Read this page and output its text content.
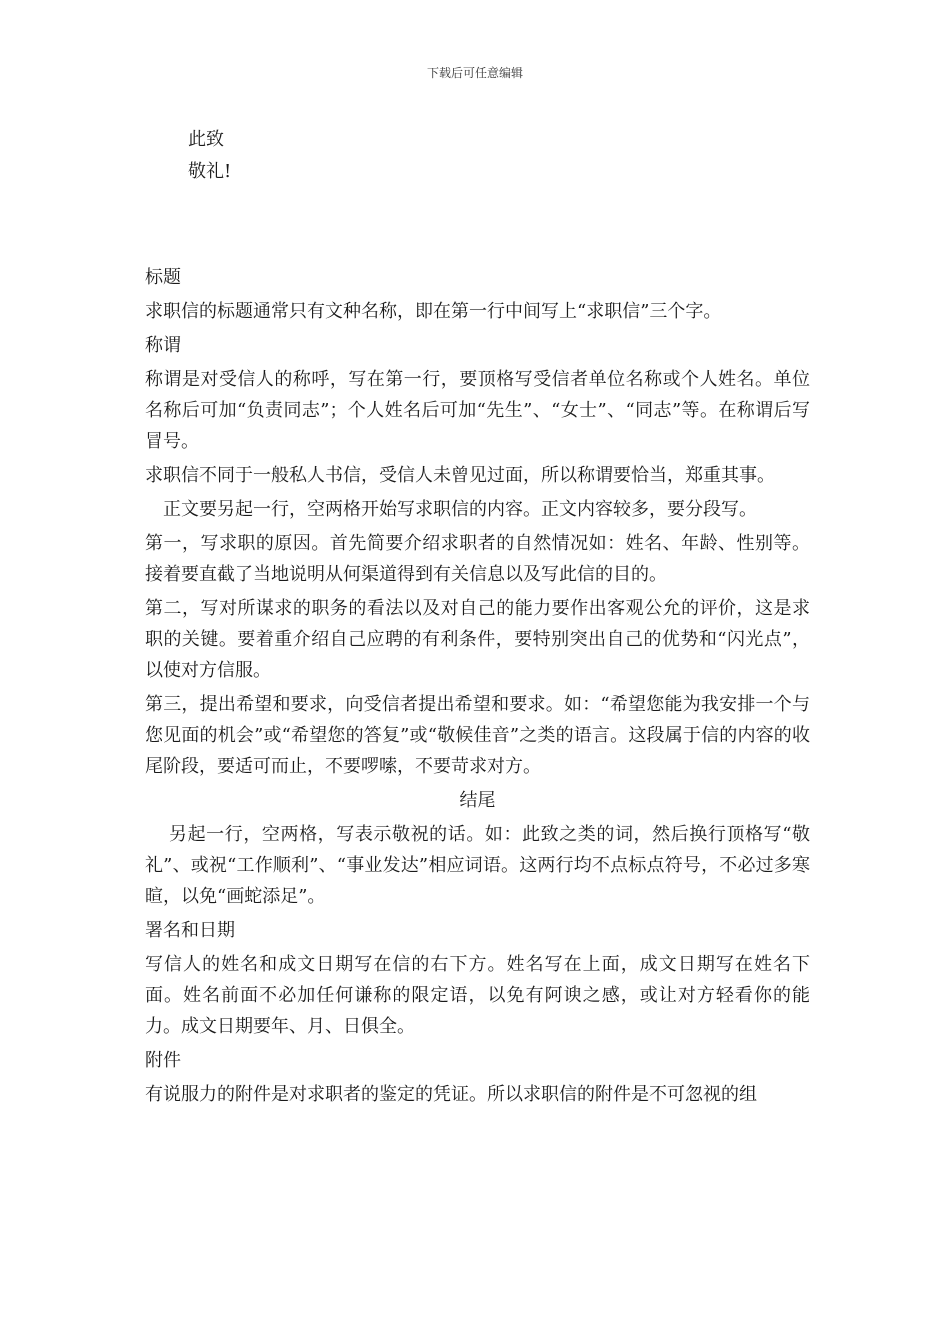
下载后可任意编辑
此致
敬礼!

标题

求职信的标题通常只有文种名称，即在第一行中间写上“求职信”三个字。

称谓

称谓是对受信人的称呼，写在第一行，要顶格写受信者单位名称或个人姓名。单位名称后可加“负责同志”；个人姓名后可加“先生”、“女士”、“同志”等。在称谓后写冒号。

求职信不同于一般私人书信，受信人未曾见过面，所以称谓要恰当，郑重其事。

正文要另起一行，空两格开始写求职信的内容。正文内容较多，要分段写。

第一，写求职的原因。首先简要介绍求职者的自然情况如：姓名、年龄、性别等。接着要直截了当地说明从何渠道得到有关信息以及写此信的目的。

第二，写对所谋求的职务的看法以及对自己的能力要作出客观公允的评价，这是求职的关键。要着重介绍自己应聘的有利条件，要特别突出自己的优势和“闪光点”，以使对方信服。

第三，提出希望和要求，向受信者提出希望和要求。如：“希望您能为我安排一个与您见面的机会”或“希望您的答复”或“敬候佳音”之类的语言。这段属于信的内容的收尾阶段，要适可而止，不要啰嗦，不要苛求对方。

结尾

另起一行，空两格，写表示敬祝的话。如：此致之类的词，然后换行顶格写“敬礼”、或祝“工作顺利”、“事业发达”相应词语。这两行均不点标点符号，不必过多寒暄，以免“画蛇添足”。

署名和日期

写信人的姓名和成文日期写在信的右下方。姓名写在上面，成文日期写在姓名下面。姓名前面不必加任何谦称的限定语，以免有阿谀之感，或让对方轻看你的能力。成文日期要年、月、日俱全。

附件

有说服力的附件是对求职者的鉴定的凭证。所以求职信的附件是不可忽视的组
